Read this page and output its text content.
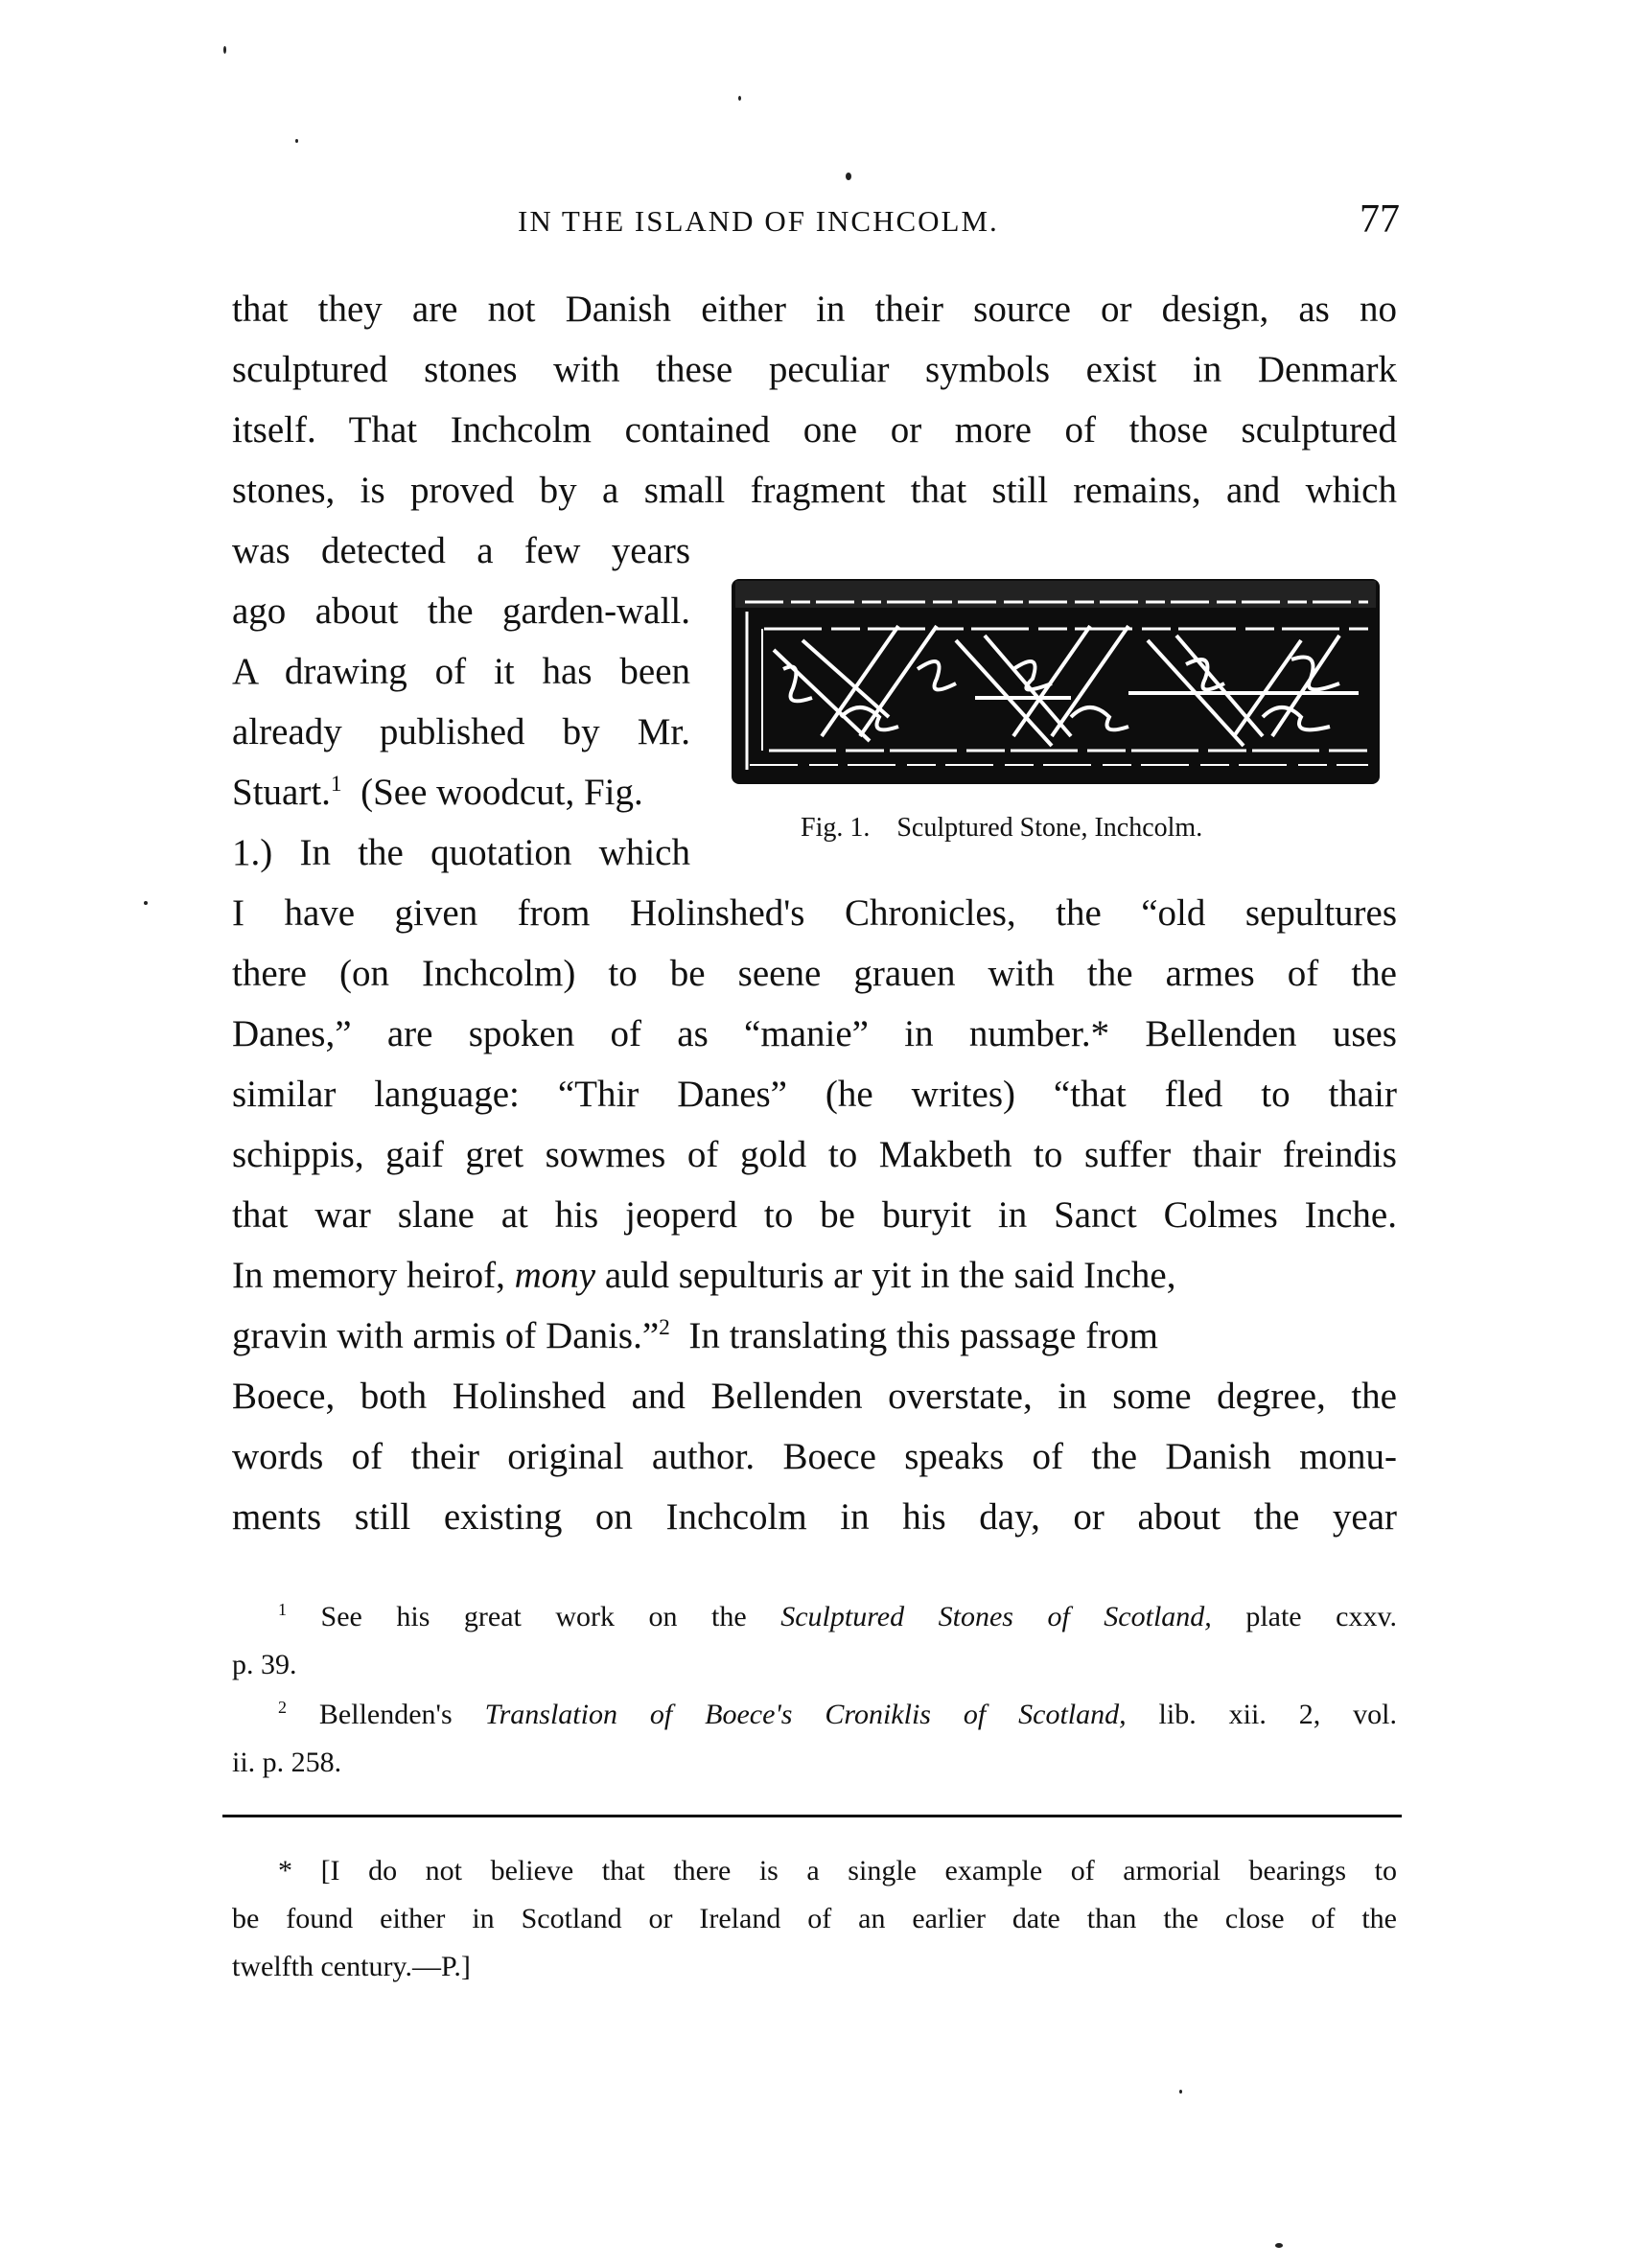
IN THE ISLAND OF INCHCOLM.	77
that they are not Danish either in their source or design, as no
sculptured stones with these peculiar symbols exist in Denmark
itself. That Inchcolm contained one or more of those sculptured
stones, is proved by a small fragment that still remains, and which
was detected a few years
ago about the garden-wall.
A drawing of it has been
already published by Mr.
Stuart.$^1$  (See woodcut, Fig.
1.) In the quotation which
Fig. 1. Sculptured Stone, Inchcolm.
I have given from Holinshed's Chronicles, the “old sepultures
there (on Inchcolm) to be seene grauen with the armes of the
Danes,” are spoken of as “manie” in number.* Bellenden uses
similar language: “Thir Danes” (he writes) “that fled to thair
schippis, gaif gret sowmes of gold to Makbeth to suffer thair freindis
that war slane at his jeoperd to be buryit in Sanct Colmes Inche.
In memory heirof, mony auld sepulturis ar yit in the said Inche,
gravin with armis of Danis.”$^2$  In translating this passage from
Boece, both Holinshed and Bellenden overstate, in some degree, the
words of their original author. Boece speaks of the Danish monu-
ments still existing on Inchcolm in his day, or about the year
$^1$ See his great work on the Sculptured Stones of Scotland, plate cxxv.
p. 39.
$^2$ Bellenden's Translation of Boece's Croniklis of Scotland, lib. xii. 2, vol.
ii. p. 258.
* [I do not believe that there is a single example of armorial bearings to
be found either in Scotland or Ireland of an earlier date than the close of the
twelfth century.—P.]
